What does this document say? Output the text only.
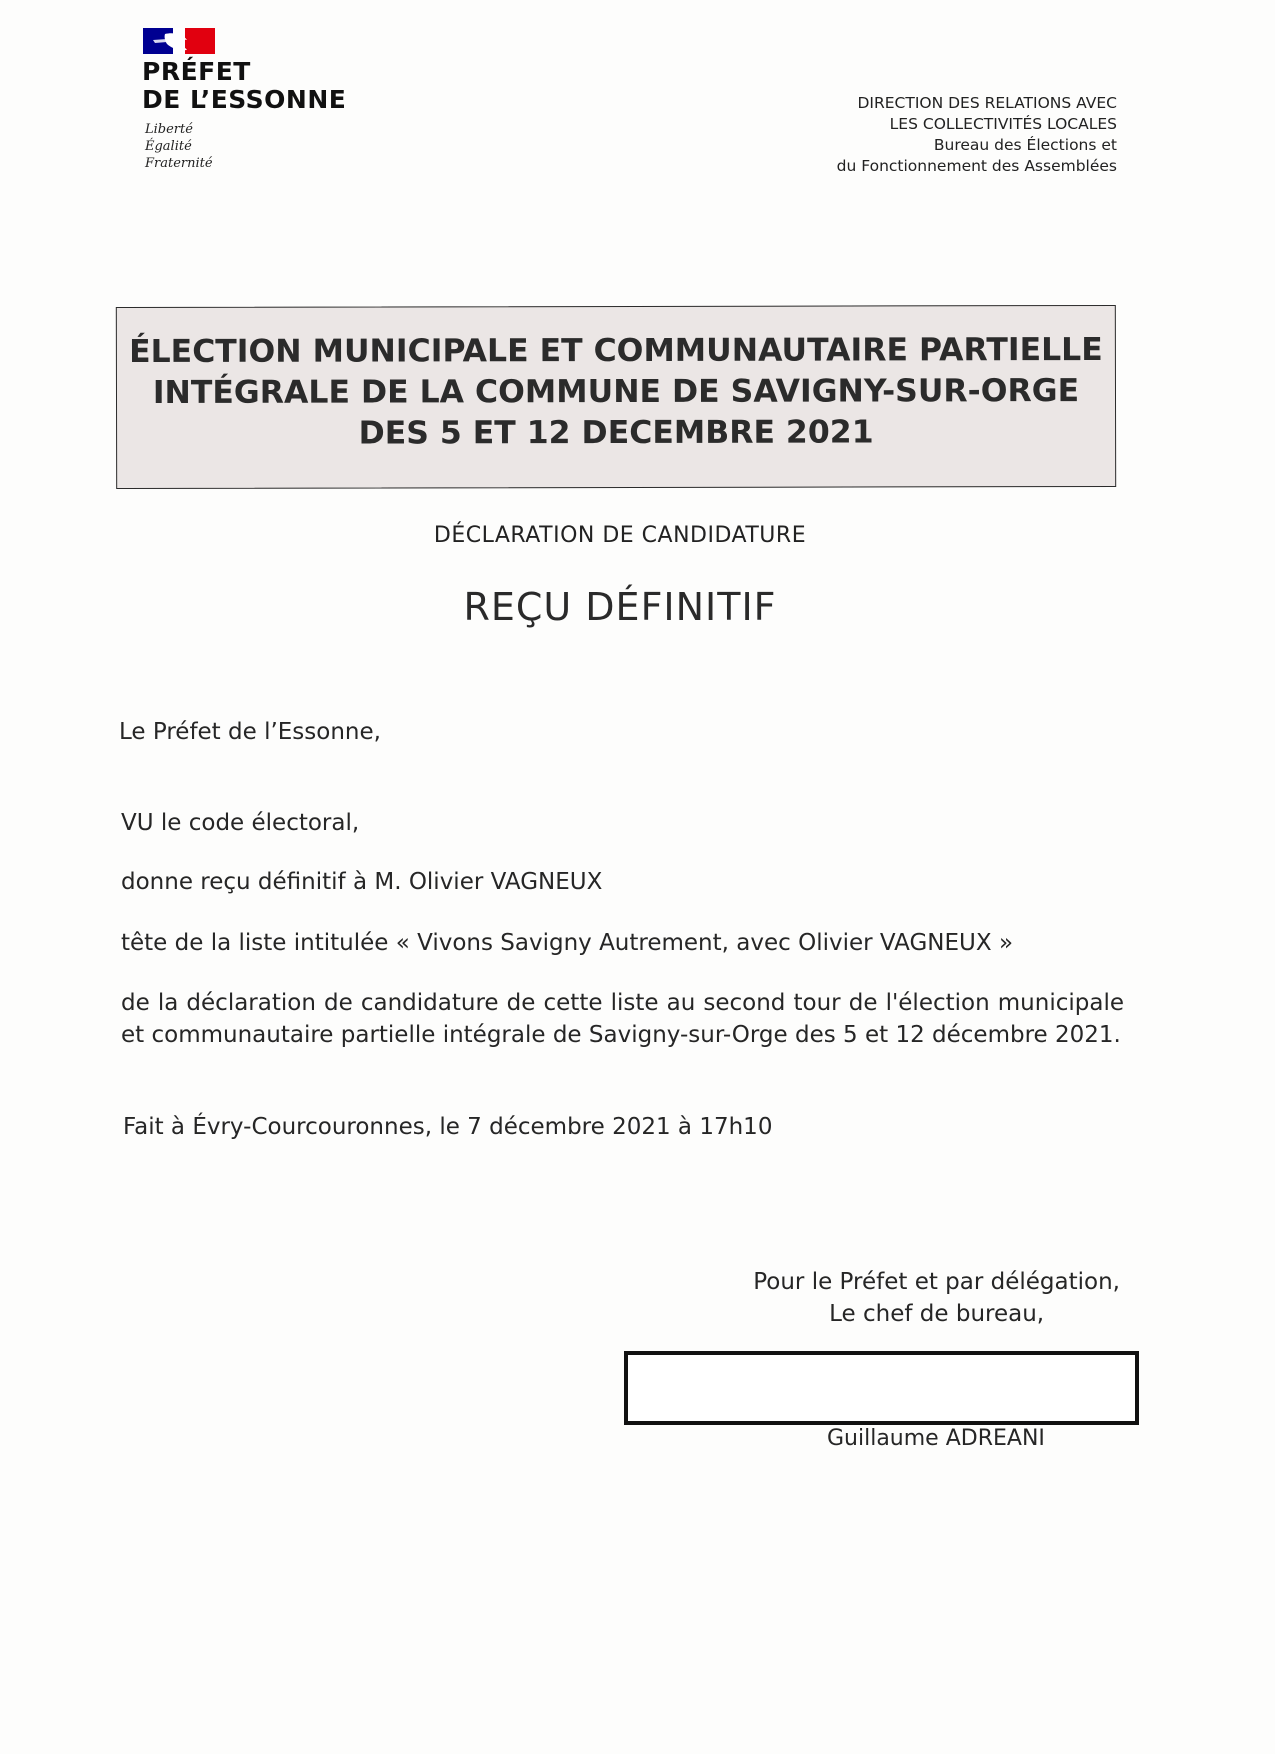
PRÉFET
DE L’ESSONNE
Liberté
Égalité
Fraternité
DIRECTION DES RELATIONS AVEC
LES COLLECTIVITÉS LOCALES
Bureau des Élections et
du Fonctionnement des Assemblées
ÉLECTION MUNICIPALE ET COMMUNAUTAIRE PARTIELLE
INTÉGRALE DE LA COMMUNE DE SAVIGNY-SUR-ORGE
DES 5 ET 12 DECEMBRE 2021
DÉCLARATION DE CANDIDATURE
REÇU DÉFINITIF
Le Préfet de l’Essonne,
VU le code électoral,
donne reçu définitif à M. Olivier VAGNEUX
tête de la liste intitulée « Vivons Savigny Autrement, avec Olivier VAGNEUX »
de la déclaration de candidature de cette liste au second tour de l'élection municipale et communautaire partielle intégrale de Savigny-sur-Orge des 5 et 12 décembre 2021.
Fait à Évry-Courcouronnes, le 7 décembre 2021 à 17h10
Pour le Préfet et par délégation,
Le chef de bureau,
Guillaume ADREANI
